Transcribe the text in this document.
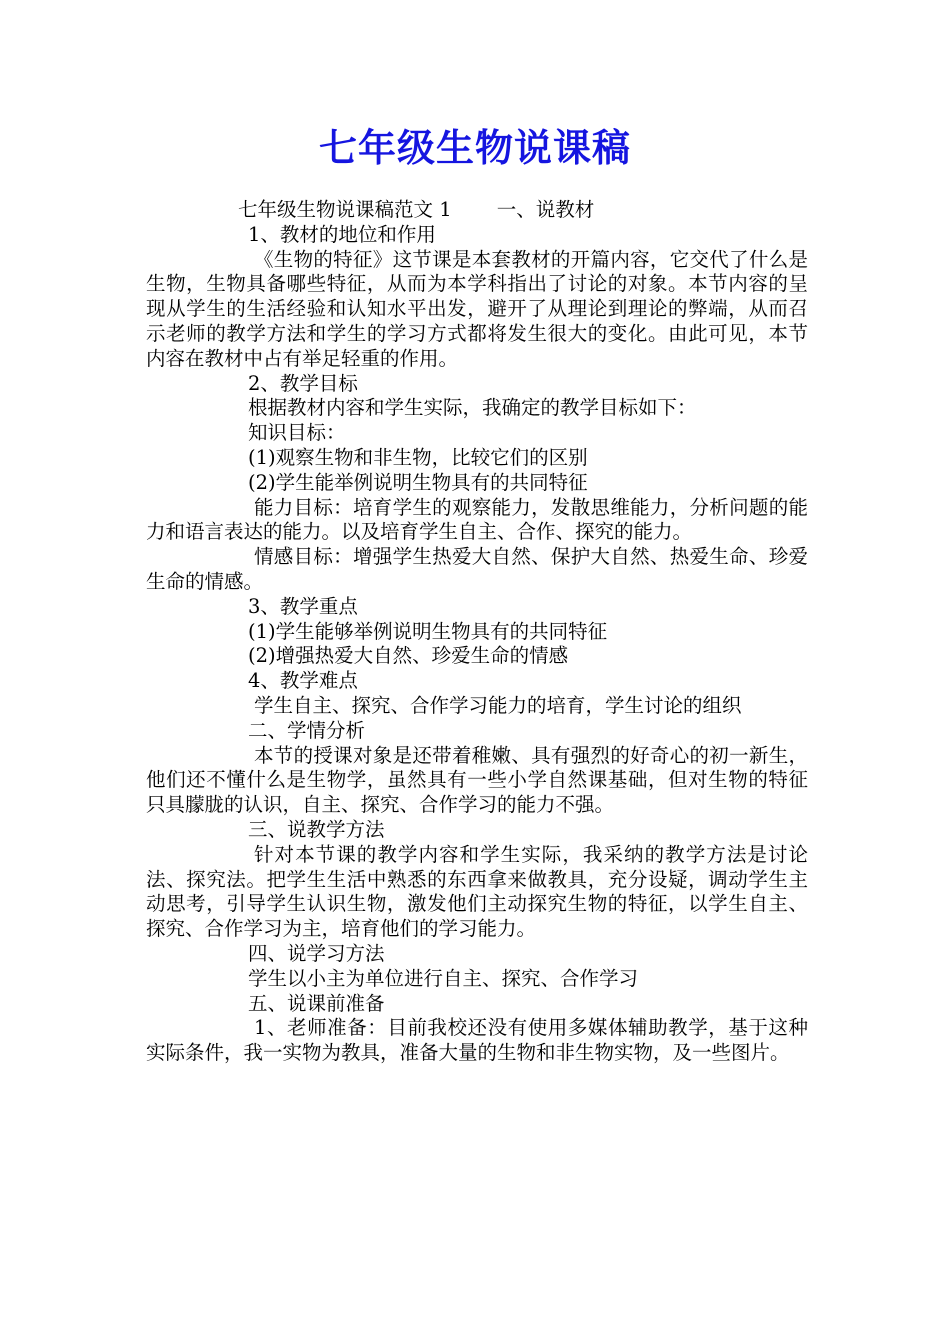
七年级生物说课稿
七年级生物说课稿范文 1　　 一、说教材
1、教材的地位和作用
《生物的特征》这节课是本套教材的开篇内容，它交代了什么是生物，生物具备哪些特征，从而为本学科指出了讨论的对象。本节内容的呈现从学生的生活经验和认知水平出发，避开了从理论到理论的弊端，从而召示老师的教学方法和学生的学习方式都将发生很大的变化。由此可见，本节内容在教材中占有举足轻重的作用。
2、教学目标
根据教材内容和学生实际，我确定的教学目标如下：
知识目标：
(1)观察生物和非生物，比较它们的区别
(2)学生能举例说明生物具有的共同特征
能力目标：培育学生的观察能力，发散思维能力，分析问题的能力和语言表达的能力。以及培育学生自主、合作、探究的能力。
情感目标：增强学生热爱大自然、保护大自然、热爱生命、珍爱生命的情感。
3、教学重点
(1)学生能够举例说明生物具有的共同特征
(2)增强热爱大自然、珍爱生命的情感
4、教学难点
学生自主、探究、合作学习能力的培育，学生讨论的组织
二、学情分析
本节的授课对象是还带着稚嫩、具有强烈的好奇心的初一新生，他们还不懂什么是生物学，虽然具有一些小学自然课基础，但对生物的特征只具朦胧的认识，自主、探究、合作学习的能力不强。
三、说教学方法
针对本节课的教学内容和学生实际，我采纳的教学方法是讨论法、探究法。把学生生活中熟悉的东西拿来做教具，充分设疑，调动学生主动思考，引导学生认识生物，激发他们主动探究生物的特征，以学生自主、探究、合作学习为主，培育他们的学习能力。
四、说学习方法
学生以小主为单位进行自主、探究、合作学习
五、说课前准备
1、老师准备：目前我校还没有使用多媒体辅助教学，基于这种实际条件，我一实物为教具，准备大量的生物和非生物实物，及一些图片。
